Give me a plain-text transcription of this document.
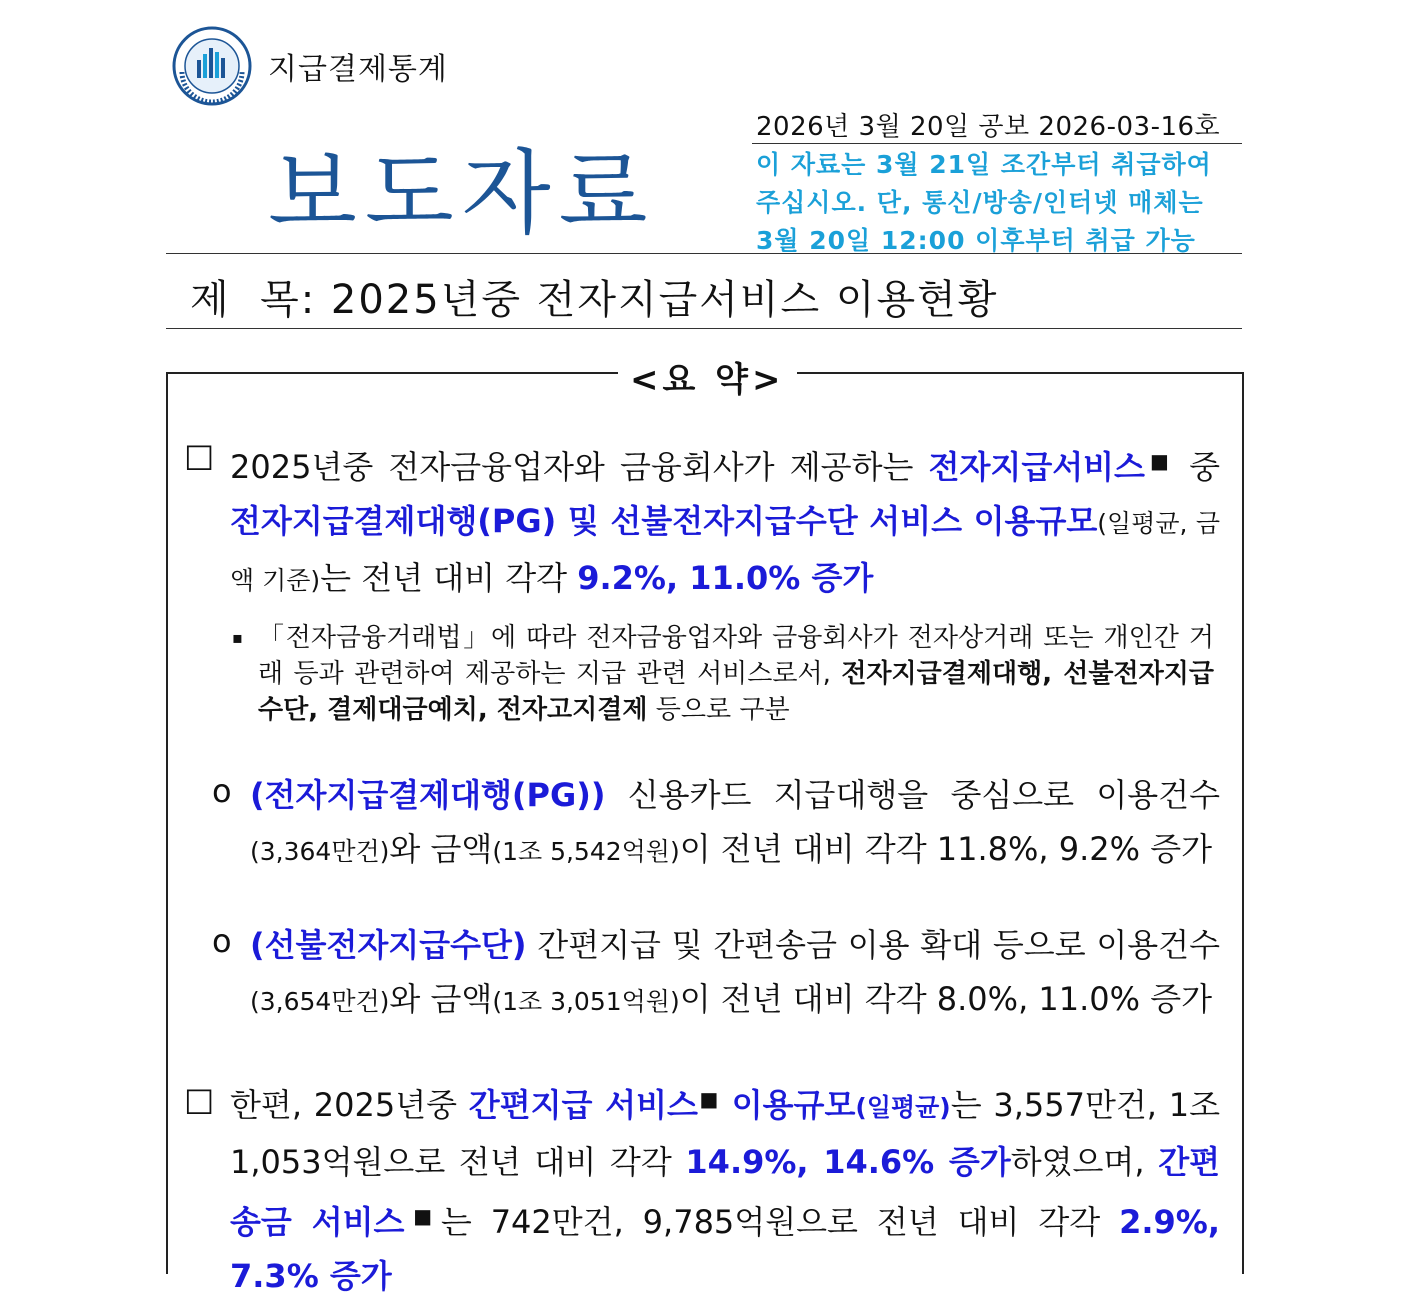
지급결제통계
보도자료
2026년 3월 20일 공보 2026-03-16호
이 자료는 3월 21일 조간부터 취급하여
주십시오. 단, 통신/방송/인터넷 매체는
3월 20일 12:00 이후부터 취급 가능
제  목: 2025년중 전자지급서비스 이용현황
<요 약>
□ 2025년중 전자금융업자와 금융회사가 제공하는 전자지급서비스■ 중 전자지급결제대행(PG) 및 선불전자지급수단 서비스 이용규모(일평균, 금액 기준)는 전년 대비 각각 9.2%, 11.0% 증가
▪ 「전자금융거래법」에 따라 전자금융업자와 금융회사가 전자상거래 또는 개인간 거래 등과 관련하여 제공하는 지급 관련 서비스로서, 전자지급결제대행, 선불전자지급수단, 결제대금예치, 전자고지결제 등으로 구분
o (전자지급결제대행(PG)) 신용카드 지급대행을 중심으로 이용건수(3,364만건)와 금액(1조 5,542억원)이 전년 대비 각각 11.8%, 9.2% 증가
o (선불전자지급수단) 간편지급 및 간편송금 이용 확대 등으로 이용건수(3,654만건)와 금액(1조 3,051억원)이 전년 대비 각각 8.0%, 11.0% 증가
□ 한편, 2025년중 간편지급 서비스■ 이용규모(일평균)는 3,557만건, 1조 1,053억원으로 전년 대비 각각 14.9%, 14.6% 증가하였으며, 간편송금 서비스■는 742만건, 9,785억원으로 전년 대비 각각 2.9%, 7.3% 증가
